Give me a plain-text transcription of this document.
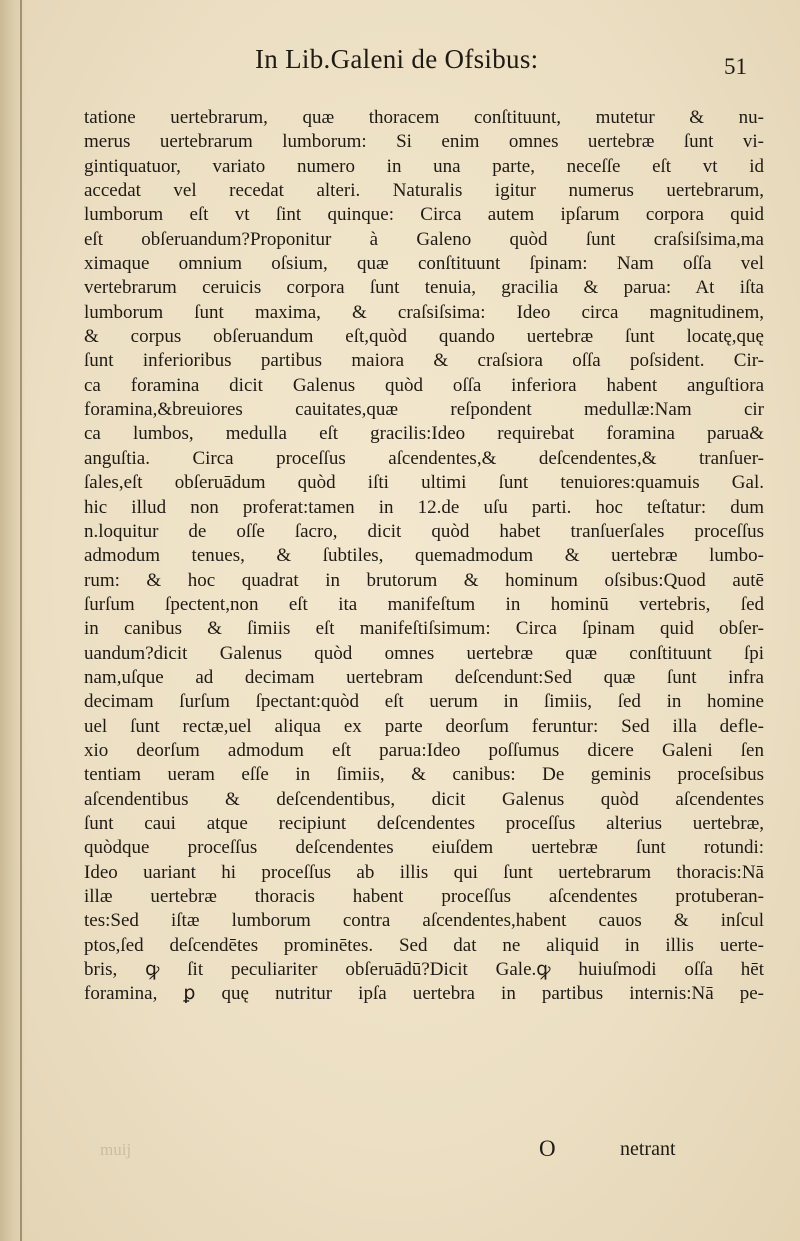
In Lib.Galeni de Ofsibus:	51
tatione uertebrarum, quæ thoracem conſtituunt, mutetur & nu-
merus uertebrarum lumborum: Si enim omnes uertebræ ſunt vi-
gintiquatuor, variato numero in una parte, neceſſe eſt vt id
accedat vel recedat alteri. Naturalis igitur numerus uertebrarum,
lumborum eſt vt ſint quinque: Circa autem ipſarum corpora quid
eſt obſeruandum?Proponitur à Galeno quòd ſunt craſsiſsima,ma
ximaque omnium oſsium, quæ conſtituunt ſpinam: Nam oſſa vel
vertebrarum ceruicis corpora ſunt tenuia, gracilia & parua: At iſta
lumborum ſunt maxima, & craſsiſsima: Ideo circa magnitudinem,
& corpus obſeruandum eſt,quòd quando uertebræ ſunt locatę,quę
ſunt inferioribus partibus maiora & craſsiora oſſa poſsident. Cir-
ca foramina dicit Galenus quòd oſſa inferiora habent anguſtiora
foramina,&breuiores cauitates,quæ reſpondent medullæ:Nam cir
ca lumbos, medulla eſt gracilis:Ideo requirebat foramina parua&
anguſtia. Circa proceſſus aſcendentes,& deſcendentes,& tranſuer-
ſales,eſt obſeruādum quòd iſti ultimi ſunt tenuiores:quamuis Gal.
hic illud non proferat:tamen in 12.de uſu parti. hoc teſtatur: dum
n.loquitur de oſſe ſacro, dicit quòd habet tranſuerſales proceſſus
admodum tenues, & ſubtiles, quemadmodum & uertebræ lumbo-
rum: & hoc quadrat in brutorum & hominum oſsibus:Quod autē
ſurſum ſpectent,non eſt ita manifeſtum in hominū vertebris, ſed
in canibus & ſimiis eſt manifeſtiſsimum: Circa ſpinam quid obſer-
uandum?dicit Galenus quòd omnes uertebræ quæ conſtituunt ſpi
nam,uſque ad decimam uertebram deſcendunt:Sed quæ ſunt infra
decimam ſurſum ſpectant:quòd eſt uerum in ſimiis, ſed in homine
uel ſunt rectæ,uel aliqua ex parte deorſum feruntur: Sed illa defle-
xio deorſum admodum eſt parua:Ideo poſſumus dicere Galeni ſen
tentiam ueram eſſe in ſimiis, & canibus: De geminis proceſsibus
aſcendentibus & deſcendentibus, dicit Galenus quòd aſcendentes
ſunt caui atque recipiunt deſcendentes proceſſus alterius uertebræ,
quòdque proceſſus deſcendentes eiuſdem uertebræ ſunt rotundi:
Ideo uariant hi proceſſus ab illis qui ſunt uertebrarum thoracis:Nā
illæ uertebræ thoracis habent proceſſus aſcendentes protuberan-
tes:Sed iſtæ lumborum contra aſcendentes,habent cauos & inſcul
ptos,ſed deſcendētes prominētes. Sed dat ne aliquid in illis uerte-
bris, ꝙ ſit peculiariter obſeruādū?Dicit Gale.ꝙ huiuſmodi oſſa hēt
foramina, ꝑ quę nutritur ipſa uertebra in partibus internis:Nā pe-
muij	O	netrant
